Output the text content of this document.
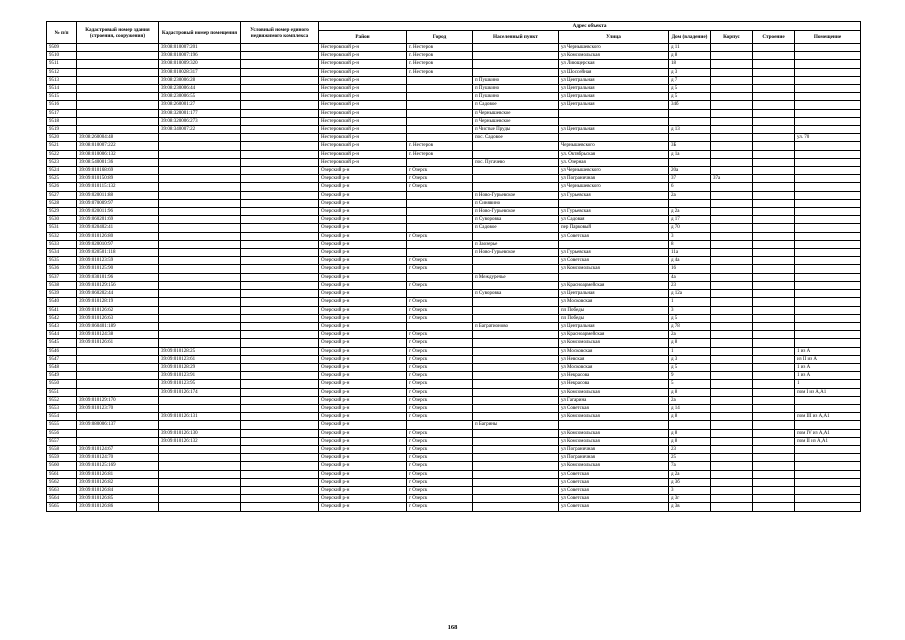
№ п/п	Кадастровый номер здания (строения, сооружения)	Кадастровый номер помещения	Условный номер единого недвижимого комплекса	Адрес объекта							
				Район	Город	Населенный пункт	Улица	Дом (владение)	Корпус	Строение	Помещение
9509		39:08:010007:201		Нестеровский р-н	г. Нестеров		ул Чернышевского	д 11			
9510		39:08:010007:196		Нестеровский р-н	г. Нестеров		ул Комсомольская	д 8			
9511		39:08:010009:320		Нестеровский р-н	г. Нестеров		ул Лиющерская	18			
9512		39:08:010028:317		Нестеровский р-н	г. Нестеров		ул Шоссейная	д 3			
9513		39:08:230006:28		Нестеровский р-н		п Пушкино	ул Центральная	д 7			
9514		39:08:230006:44		Нестеровский р-н		п Пушкино	ул Центральная	д 5			
9515		39:08:230006:55		Нестеровский р-н		п Пушкино	ул Центральная	д 5			
9516		39:08:260001:27		Нестеровский р-н		п Садовое	ул Центральная	34б			
9517		39:08:320001:177		Нестеровский р-н		п Чернышевское					
9518		39:08:320006:273		Нестеровский р-н		п Чернышевское					
9519		39:08:340007:22		Нестеровский р-н		п Чистые Пруды	ул Центральная	д 13			
9520	39:08:260004:48			Нестеровский р-н		пос. Садовое					ул. 70
9521	39:08:010007:222			Нестеровский р-н	г. Нестеров		Чернышевского	3Б			
9522	39:08:010006:132			Нестеровский р-н	г. Нестеров		ул. Октябрьская	д 1а			
9523	39:08:540001:36			Нестеровский р-н		пос. Пугачево	ул. Озерная				
9524	39:09:010168:69			Озерский р-н	г Озерск		ул Чернышевского	20а			
9525	39:09:010150:89			Озерский р-н	г Озерск		ул Пограничная	37	37а		
9526	39:09:010115:132			Озерский р-н	г Озерск		ул Чернышевского	6			
9527	39:09:020011:88			Озерский р-н		п Ново-Гурьевское	ул Гурьевская	2а			
9528	39:09:070009:97			Озерский р-н		п Синявино					
9529	39:09:020011:96			Озерский р-н		п Ново-Гурьевское	ул Гурьевская	д 2а			
9530	39:09:060201:69			Озерский р-н		п Суворовка	ул Садовая	д 17			
9531	39:09:020402:41			Озерский р-н		п Садовое	пер Парковый	д 70			
9532	39:09:010126:80			Озерский р-н	г Озерск		ул Советская	3			
9533	39:09:020010:97			Озерский р-н		п Заозерье		8			
9534	39:09:020501:118			Озерский р-н		п Ново-Гурьевское	ул Гурьевская	11а			
9535	39:09:010123:59			Озерский р-н	г Озерск		ул Советская	д 4а			
9536	39:09:010125:90			Озерский р-н	г Озерск		ул Комсомольская	16			
9537	39:09:030101:96			Озерский р-н		п Междуречье		4а			
9538	39:09:010129:156			Озерский р-н	г Озерск		ул Красноармейская	23			
9539	39:09:060202:44			Озерский р-н		п Суворовка	ул Центральная	д 12а			
9540	39:09:010128:19			Озерский р-н	г Озерск		ул Московская	1			
9541	39:09:010126:62			Озерский р-н	г Озерск		пл Победы	3			
9542	39:09:010126:63			Озерский р-н	г Озерск		пл Победы	д 5			
9543	39:09:060401:189			Озерский р-н		п Багратионово	ул Центральная	д 78			
9544	39:09:010124:38			Озерский р-н	г Озерск		ул Красноармейская	2а			
9545	39:09:010126:61			Озерский р-н	г Озерск		ул Комсомольская	д 8			
9546		39:09:010128:25		Озерский р-н	г Озерск		ул Московская	1			1 из А
9547		39:09:010123:61		Озерский р-н	г Озерск		ул Невская	д 3			из II из А
9548		39:09:010128:29		Озерский р-н	г Озерск		ул Московская	д 5			1 из А
9549		39:09:010123:91		Озерский р-н	г Озерск		ул Некрасова	9			1 из А
9550		39:09:010123:95		Озерский р-н	г Озерск		ул Некрасова	5			1
9551		39:09:010126:174		Озерский р-н	г Озерск		ул Комсомольская	д 8			пом I из А,А1
9552	39:09:010129:170			Озерский р-н	г Озерск		ул Гагарина	2а			
9553	39:09:010123:70			Озерский р-н	г Озерск		ул Советская	д 14			
9554		39:09:010126:131		Озерский р-н	г Озерск		ул Комсомольская	д 8			пом III из А,А1
9555	39:09:080006:137			Озерский р-н		п Багрины					
9556		39:09:010126:130		Озерский р-н	г Озерск		ул Комсомольская	д 8			пом IV из А,А1
9557		39:09:010126:132		Озерский р-н	г Озерск		ул Комсомольская	д 8			пом II из А,А1
9558	39:09:010124:67			Озерский р-н	г Озерск		ул Пограничная	23			
9559	39:09:010124:70			Озерский р-н	г Озерск		ул Пограничная	25			
9560	39:09:010125:169			Озерский р-н	г Озерск		ул Комсомольская	7а			
9561	39:09:010126:81			Озерский р-н	г Озерск		ул Советская	д 2а			
9562	39:09:010126:82			Озерский р-н	г Озерск		ул Советская	д 3б			
9563	39:09:010126:84			Озерский р-н	г Озерск		ул Советская	3			
9564	39:09:010126:85			Озерский р-н	г Озерск		ул Советская	д 3г			
9565	39:09:010126:86			Озерский р-н	г Озерск		ул Советская	д 3в			
168
